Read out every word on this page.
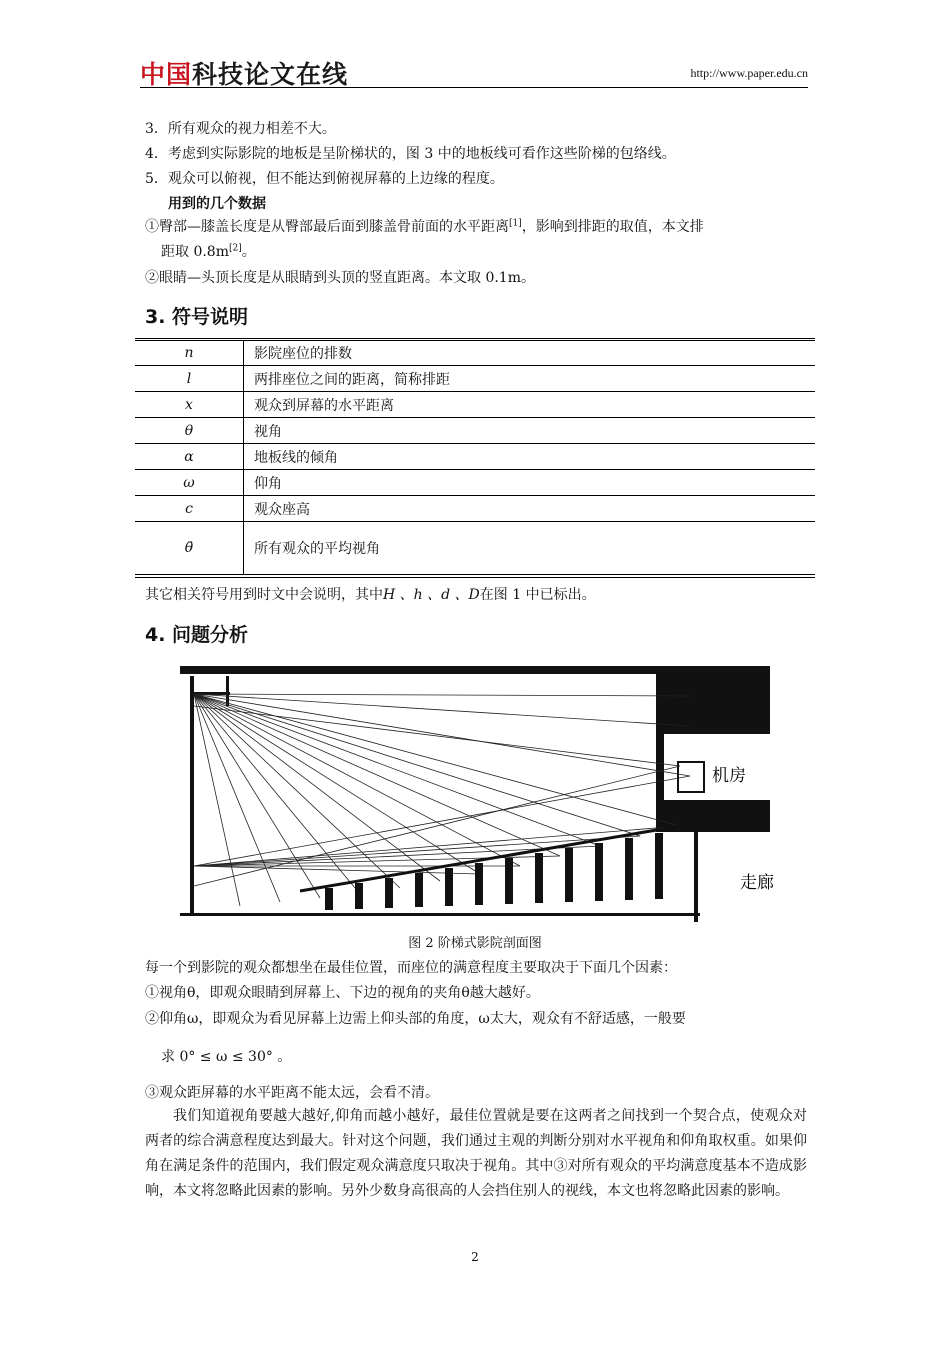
中国科技论文在线	http://www.paper.edu.cn
3．所有观众的视力相差不大。
4．考虑到实际影院的地板是呈阶梯状的，图 3 中的地板线可看作这些阶梯的包络线。
5．观众可以俯视，但不能达到俯视屏幕的上边缘的程度。
用到的几个数据
①臀部—膝盖长度是从臀部最后面到膝盖骨前面的水平距离[1]，影响到排距的取值，本文排
距取 0.8m[2]。
②眼睛—头顶长度是从眼睛到头顶的竖直距离。本文取 0.1m。
3. 符号说明
n	影院座位的排数
l	两排座位之间的距离，简称排距
x	观众到屏幕的水平距离
θ	视角
α	地板线的倾角
ω	仰角
c	观众座高
θ̄	所有观众的平均视角
其它相关符号用到时文中会说明，其中H 、h 、d 、D在图 1 中已标出。
4. 问题分析
机房
走廊
图 2 阶梯式影院剖面图
每一个到影院的观众都想坐在最佳位置，而座位的满意程度主要取决于下面几个因素：
①视角θ，即观众眼睛到屏幕上、下边的视角的夹角θ越大越好。
②仰角ω，即观众为看见屏幕上边需上仰头部的角度，ω太大，观众有不舒适感，一般要
求 0° ≤ ω ≤ 30° 。
③观众距屏幕的水平距离不能太远，会看不清。
我们知道视角要越大越好,仰角而越小越好，最佳位置就是要在这两者之间找到一个契合点，使观众对两者的综合满意程度达到最大。针对这个问题，我们通过主观的判断分别对水平视角和仰角取权重。如果仰角在满足条件的范围内，我们假定观众满意度只取决于视角。其中③对所有观众的平均满意度基本不造成影响，本文将忽略此因素的影响。另外少数身高很高的人会挡住别人的视线，本文也将忽略此因素的影响。
2
